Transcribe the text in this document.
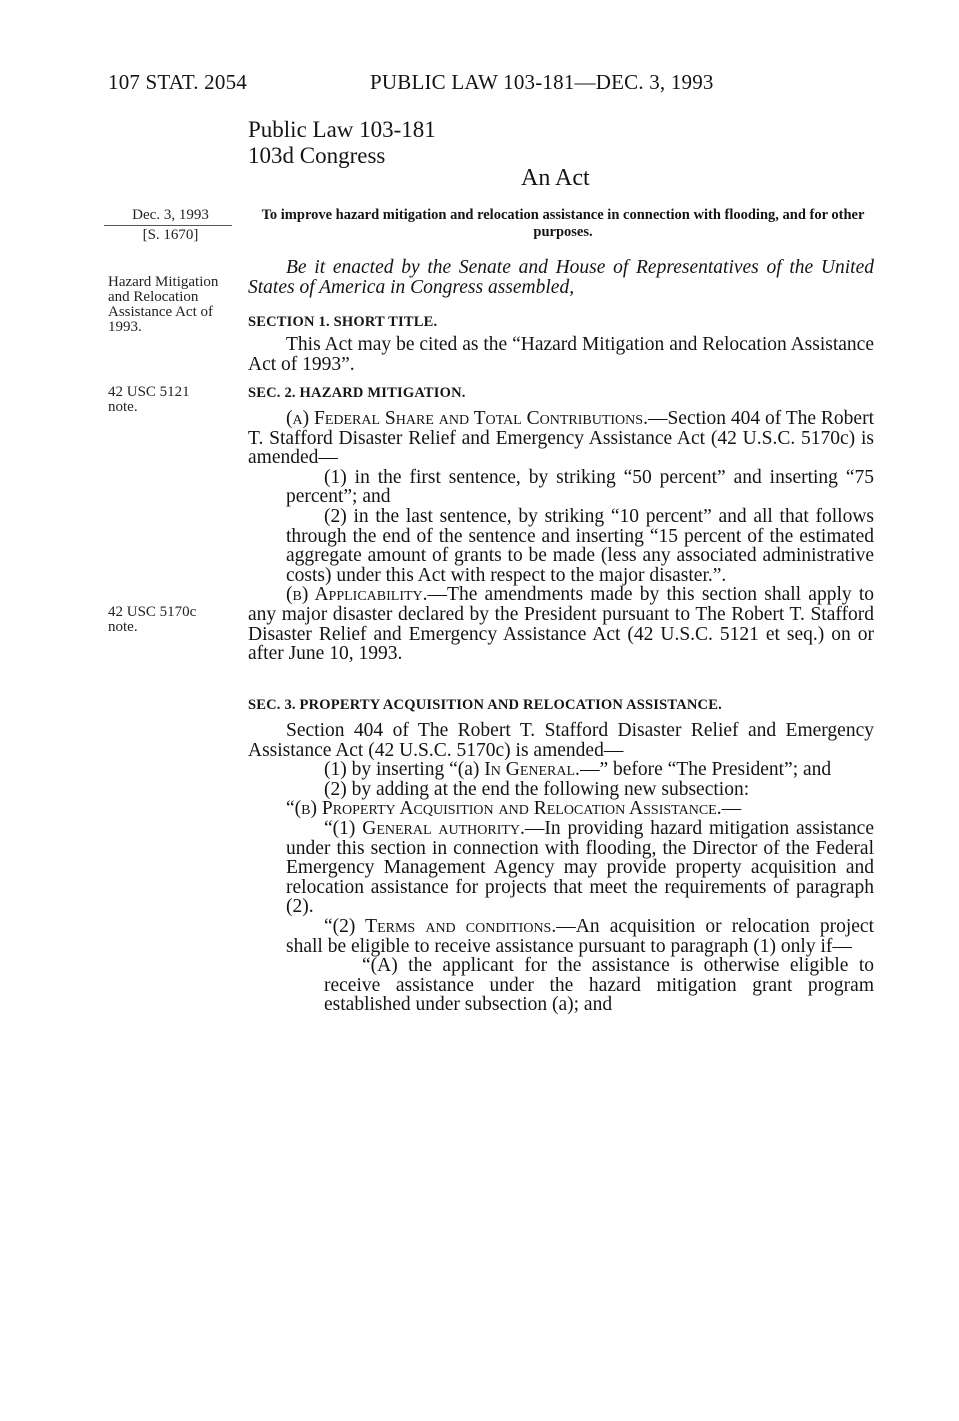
107 STAT. 2054	PUBLIC LAW 103-181—DEC. 3, 1993
Public Law 103-181
103d Congress
An Act
Dec. 3, 1993
[S. 1670]
Hazard Mitigation and Relocation Assistance Act of 1993.
42 USC 5121 note.
42 USC 5170c note.
To improve hazard mitigation and relocation assistance in connection with flooding, and for other purposes.

Be it enacted by the Senate and House of Representatives of the United States of America in Congress assembled,

SECTION 1. SHORT TITLE.

This Act may be cited as the “Hazard Mitigation and Relocation Assistance Act of 1993”.

SEC. 2. HAZARD MITIGATION.

(a) Federal Share and Total Contributions.—Section 404 of The Robert T. Stafford Disaster Relief and Emergency Assistance Act (42 U.S.C. 5170c) is amended—

(1) in the first sentence, by striking “50 percent” and inserting “75 percent”; and

(2) in the last sentence, by striking “10 percent” and all that follows through the end of the sentence and inserting “15 percent of the estimated aggregate amount of grants to be made (less any associated administrative costs) under this Act with respect to the major disaster.”.

(b) Applicability.—The amendments made by this section shall apply to any major disaster declared by the President pursuant to The Robert T. Stafford Disaster Relief and Emergency Assistance Act (42 U.S.C. 5121 et seq.) on or after June 10, 1993.

SEC. 3. PROPERTY ACQUISITION AND RELOCATION ASSISTANCE.

Section 404 of The Robert T. Stafford Disaster Relief and Emergency Assistance Act (42 U.S.C. 5170c) is amended—

(1) by inserting “(a) In General.—” before “The President”; and

(2) by adding at the end the following new subsection:

“(b) Property Acquisition and Relocation Assistance.—

“(1) General authority.—In providing hazard mitigation assistance under this section in connection with flooding, the Director of the Federal Emergency Management Agency may provide property acquisition and relocation assistance for projects that meet the requirements of paragraph (2).

“(2) Terms and conditions.—An acquisition or relocation project shall be eligible to receive assistance pursuant to paragraph (1) only if—

“(A) the applicant for the assistance is otherwise eligible to receive assistance under the hazard mitigation grant program established under subsection (a); and
